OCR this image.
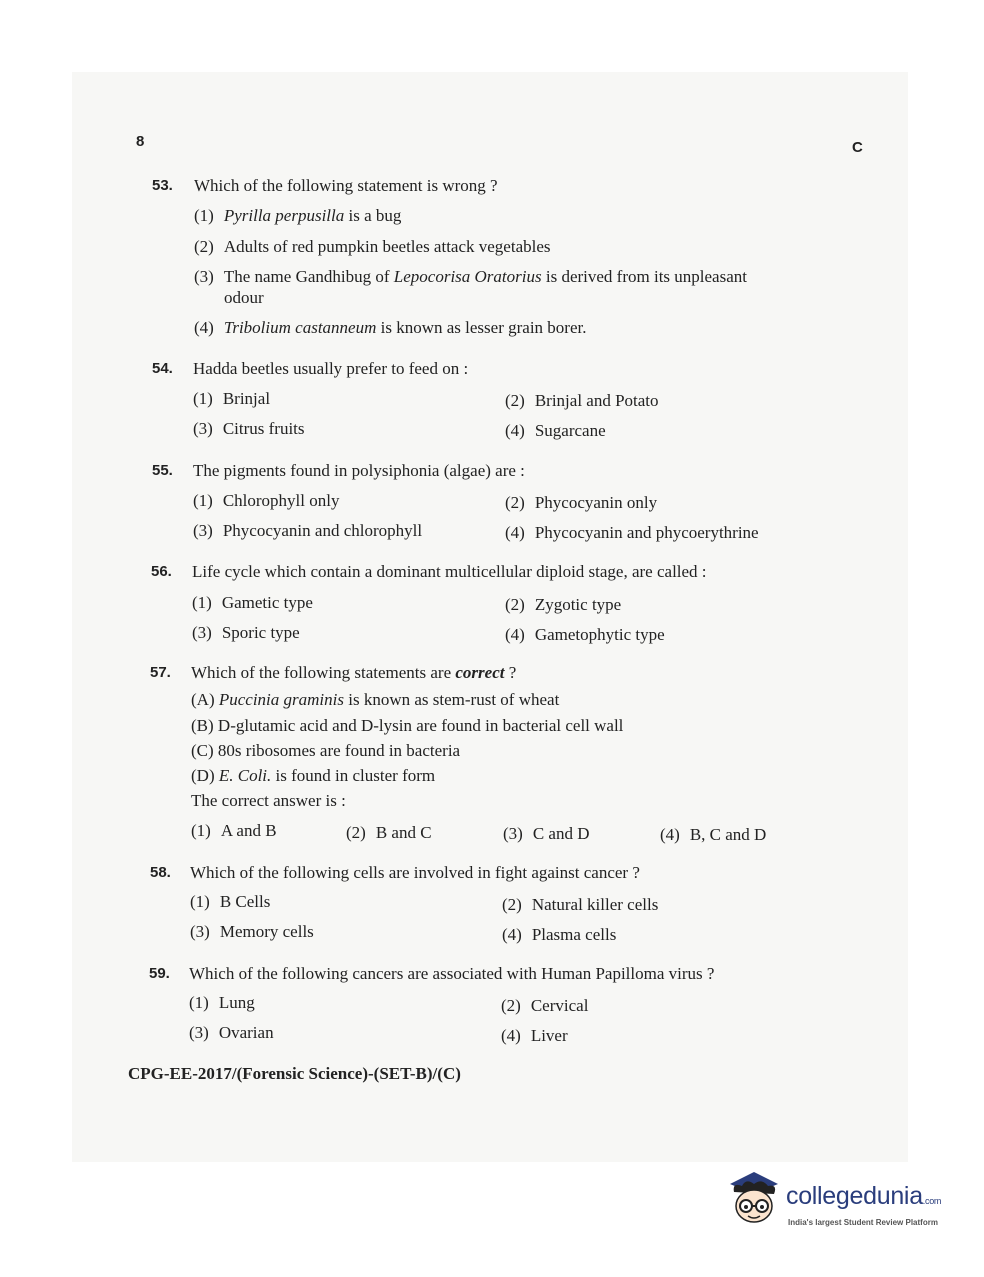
8	C
53. Which of the following statement is wrong ?
(1) Pyrilla perpusilla is a bug
(2) Adults of red pumpkin beetles attack vegetables
(3) The name Gandhibug of Lepocorisa Oratorius is derived from its unpleasant
odour
(4) Tribolium castanneum is known as lesser grain borer.
54. Hadda beetles usually prefer to feed on :
(1) Brinjal	(2) Brinjal and Potato
(3) Citrus fruits	(4) Sugarcane
55. The pigments found in polysiphonia (algae) are :
(1) Chlorophyll only	(2) Phycocyanin only
(3) Phycocyanin and chlorophyll	(4) Phycocyanin and phycoerythrine
56. Life cycle which contain a dominant multicellular diploid stage, are called :
(1) Gametic type	(2) Zygotic type
(3) Sporic type	(4) Gametophytic type
57. Which of the following statements are correct ?
(A) Puccinia graminis is known as stem-rust of wheat
(B) D-glutamic acid and D-lysin are found in bacterial cell wall
(C) 80s ribosomes are found in bacteria
(D) E. Coli. is found in cluster form
The correct answer is :
(1) A and B	(2) B and C	(3) C and D	(4) B, C and D
58. Which of the following cells are involved in fight against cancer ?
(1) B Cells	(2) Natural killer cells
(3) Memory cells	(4) Plasma cells
59. Which of the following cancers are associated with Human Papilloma virus ?
(1) Lung	(2) Cervical
(3) Ovarian	(4) Liver
CPG-EE-2017/(Forensic Science)-(SET-B)/(C)
collegedunia.com
India's largest Student Review Platform
